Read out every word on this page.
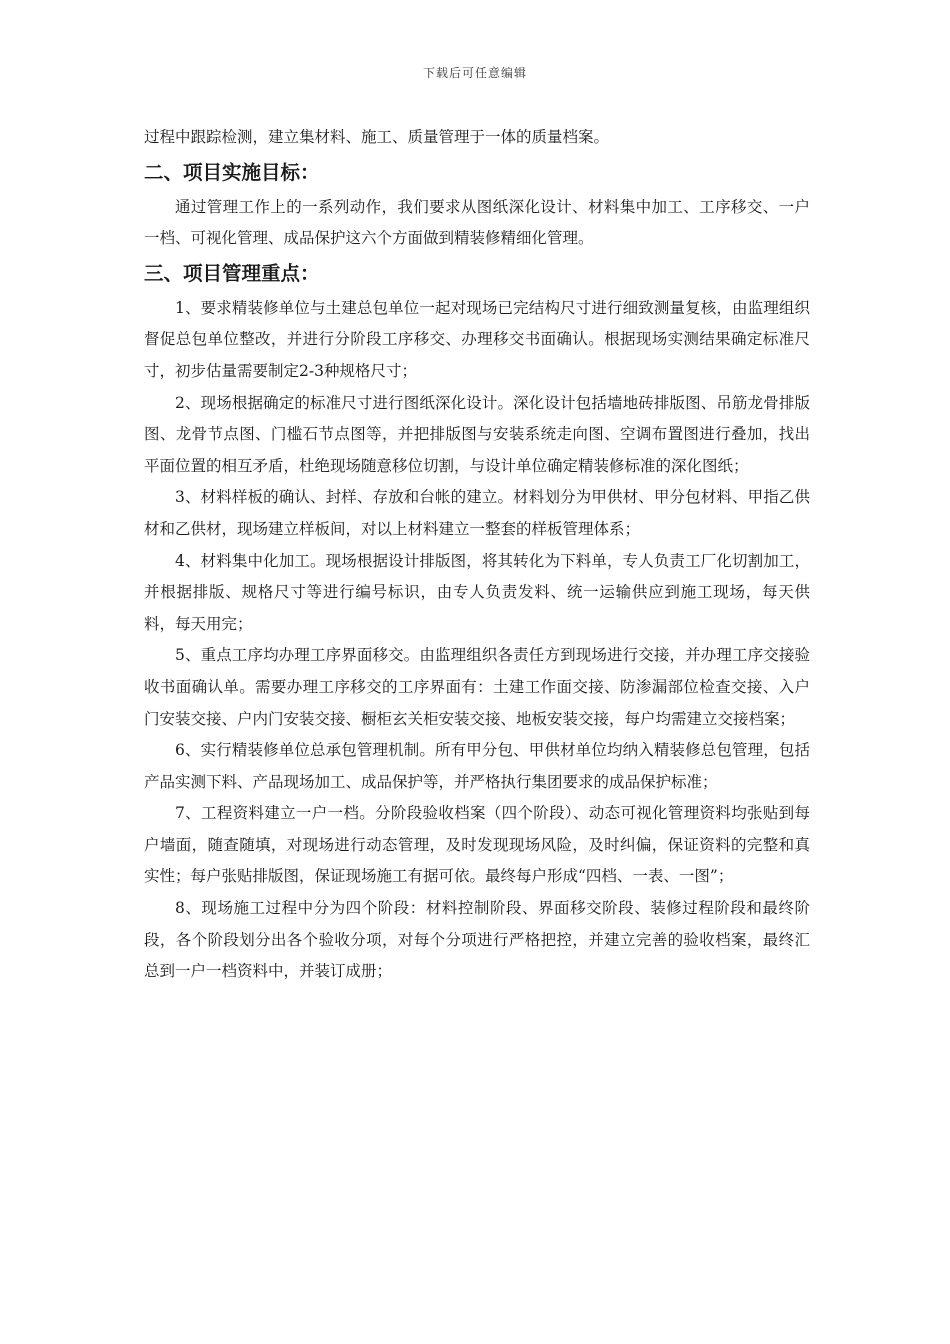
下载后可任意编辑

过程中跟踪检测，建立集材料、施工、质量管理于一体的质量档案。

二、项目实施目标：

通过管理工作上的一系列动作，我们要求从图纸深化设计、材料集中加工、工序移交、一户一档、可视化管理、成品保护这六个方面做到精装修精细化管理。

三、项目管理重点：

1、要求精装修单位与土建总包单位一起对现场已完结构尺寸进行细致测量复核，由监理组织督促总包单位整改，并进行分阶段工序移交、办理移交书面确认。根据现场实测结果确定标准尺寸，初步估量需要制定2-3种规格尺寸；

2、现场根据确定的标准尺寸进行图纸深化设计。深化设计包括墙地砖排版图、吊筋龙骨排版图、龙骨节点图、门槛石节点图等，并把排版图与安装系统走向图、空调布置图进行叠加，找出平面位置的相互矛盾，杜绝现场随意移位切割，与设计单位确定精装修标准的深化图纸；

3、材料样板的确认、封样、存放和台帐的建立。材料划分为甲供材、甲分包材料、甲指乙供材和乙供材，现场建立样板间，对以上材料建立一整套的样板管理体系；

4、材料集中化加工。现场根据设计排版图，将其转化为下料单，专人负责工厂化切割加工，并根据排版、规格尺寸等进行编号标识，由专人负责发料、统一运输供应到施工现场，每天供料，每天用完；

5、重点工序均办理工序界面移交。由监理组织各责任方到现场进行交接，并办理工序交接验收书面确认单。需要办理工序移交的工序界面有：土建工作面交接、防渗漏部位检查交接、入户门安装交接、户内门安装交接、橱柜玄关柜安装交接、地板安装交接，每户均需建立交接档案；

6、实行精装修单位总承包管理机制。所有甲分包、甲供材单位均纳入精装修总包管理，包括产品实测下料、产品现场加工、成品保护等，并严格执行集团要求的成品保护标准；

7、工程资料建立一户一档。分阶段验收档案（四个阶段）、动态可视化管理资料均张贴到每户墙面，随查随填，对现场进行动态管理，及时发现现场风险，及时纠偏，保证资料的完整和真实性；每户张贴排版图，保证现场施工有据可依。最终每户形成“四档、一表、一图”；

8、现场施工过程中分为四个阶段：材料控制阶段、界面移交阶段、装修过程阶段和最终阶段，各个阶段划分出各个验收分项，对每个分项进行严格把控，并建立完善的验收档案，最终汇总到一户一档资料中，并装订成册；
